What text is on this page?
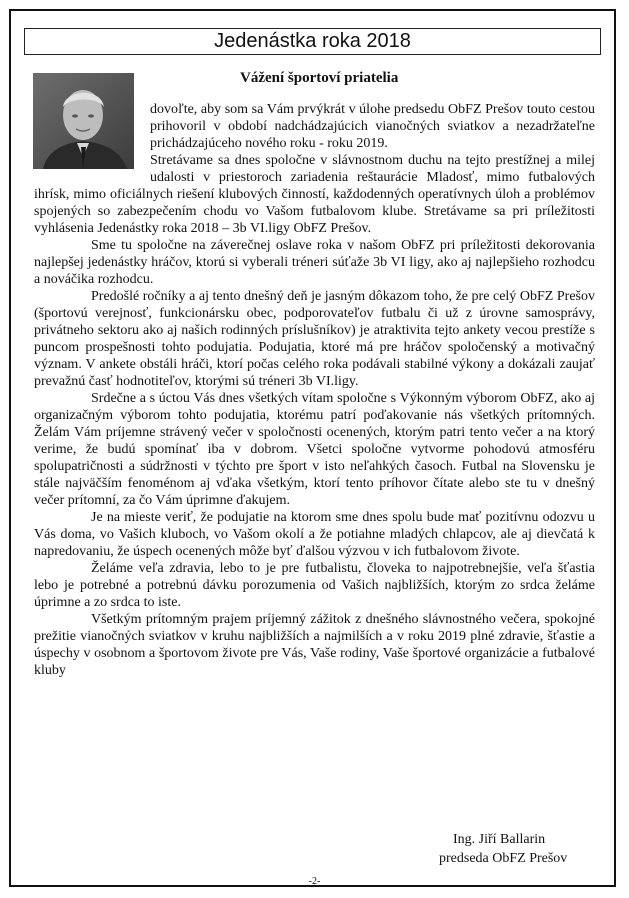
Jedenástka roka 2018
Vážení športoví priatelia

dovoľte, aby som sa Vám prvýkrát v úlohe predsedu ObFZ Prešov touto cestou prihovoril v období nadchádzajúcich vianočných sviatkov a nezadržateľne prichádzajúceho nového roku - roku 2019.

Stretávame sa dnes spoločne v slávnostnom duchu na tejto prestížnej a milej udalosti v priestoroch zariadenia reštaurácie Mladosť, mimo futbalových ihrísk, mimo oficiálnych riešení klubových činností, každodenných operatívnych úloh a problémov spojených so zabezpečením chodu vo Vašom futbalovom klube. Stretávame sa pri príležitosti vyhlásenia Jedenástky roka 2018 – 3b VI.ligy ObFZ Prešov.

Sme tu spoločne na záverečnej oslave roka v našom ObFZ pri príležitosti dekorovania najlepšej jedenástky hráčov, ktorú si vyberali tréneri súťaže 3b VI ligy, ako aj najlepšieho rozhodcu a nováčika rozhodcu.

Predošlé ročníky a aj tento dnešný deň je jasným dôkazom toho, že pre celý ObFZ Prešov (športovú verejnosť, funkcionársku obec, podporovateľov futbalu či už z úrovne samosprávy, privátneho sektoru ako aj našich rodinných príslušníkov) je atraktivita tejto ankety vecou prestíže s puncom prospešnosti tohto podujatia. Podujatia, ktoré má pre hráčov spoločenský a motivačný význam. V ankete obstáli hráči, ktorí počas celého roka podávali stabilné výkony a dokázali zaujať prevažnú časť hodnotiteľov, ktorými sú tréneri 3b VI.ligy.

Srdečne a s úctou Vás dnes všetkých vítam spoločne s Výkonným výborom ObFZ, ako aj organizačným výborom tohto podujatia, ktorému patrí poďakovanie nás všetkých prítomných. Želám Vám príjemne strávený večer v spoločnosti ocenených, ktorým patri tento večer a na ktorý verime, že budú spomínať iba v dobrom. Všetci spoločne vytvorme pohodovú atmosféru spolupatričnosti a súdržnosti v týchto pre šport v isto neľahkých časoch. Futbal na Slovensku je stále najväčším fenoménom aj vďaka všetkým, ktorí tento príhovor čítate alebo ste tu v dnešný večer prítomní, za čo Vám úprimne ďakujem.

Je na mieste veriť, že podujatie na ktorom sme dnes spolu bude mať pozitívnu odozvu u Vás doma, vo Vašich kluboch, vo Vašom okolí a že potiahne mladých chlapcov, ale aj dievčatá k napredovaniu, že úspech ocenených môže byť ďalšou výzvou v ich futbalovom živote.

Želáme veľa zdravia, lebo to je pre futbalistu, človeka to najpotrebnejšie, veľa šťastia lebo je potrebné a potrebnú dávku porozumenia od Vašich najbližších, ktorým zo srdca želáme úprimne a zo srdca to iste.

Všetkým prítomným prajem príjemný zážitok z dnešného slávnostného večera, spokojné prežitie vianočných sviatkov v kruhu najbližších a najmilších a v roku 2019 plné zdravie, šťastie a úspechy v osobnom a športovom živote pre Vás, Vaše rodiny, Vaše športové organizácie a futbalové kluby

Ing. Jiří Ballarin
predseda ObFZ Prešov
-2-
